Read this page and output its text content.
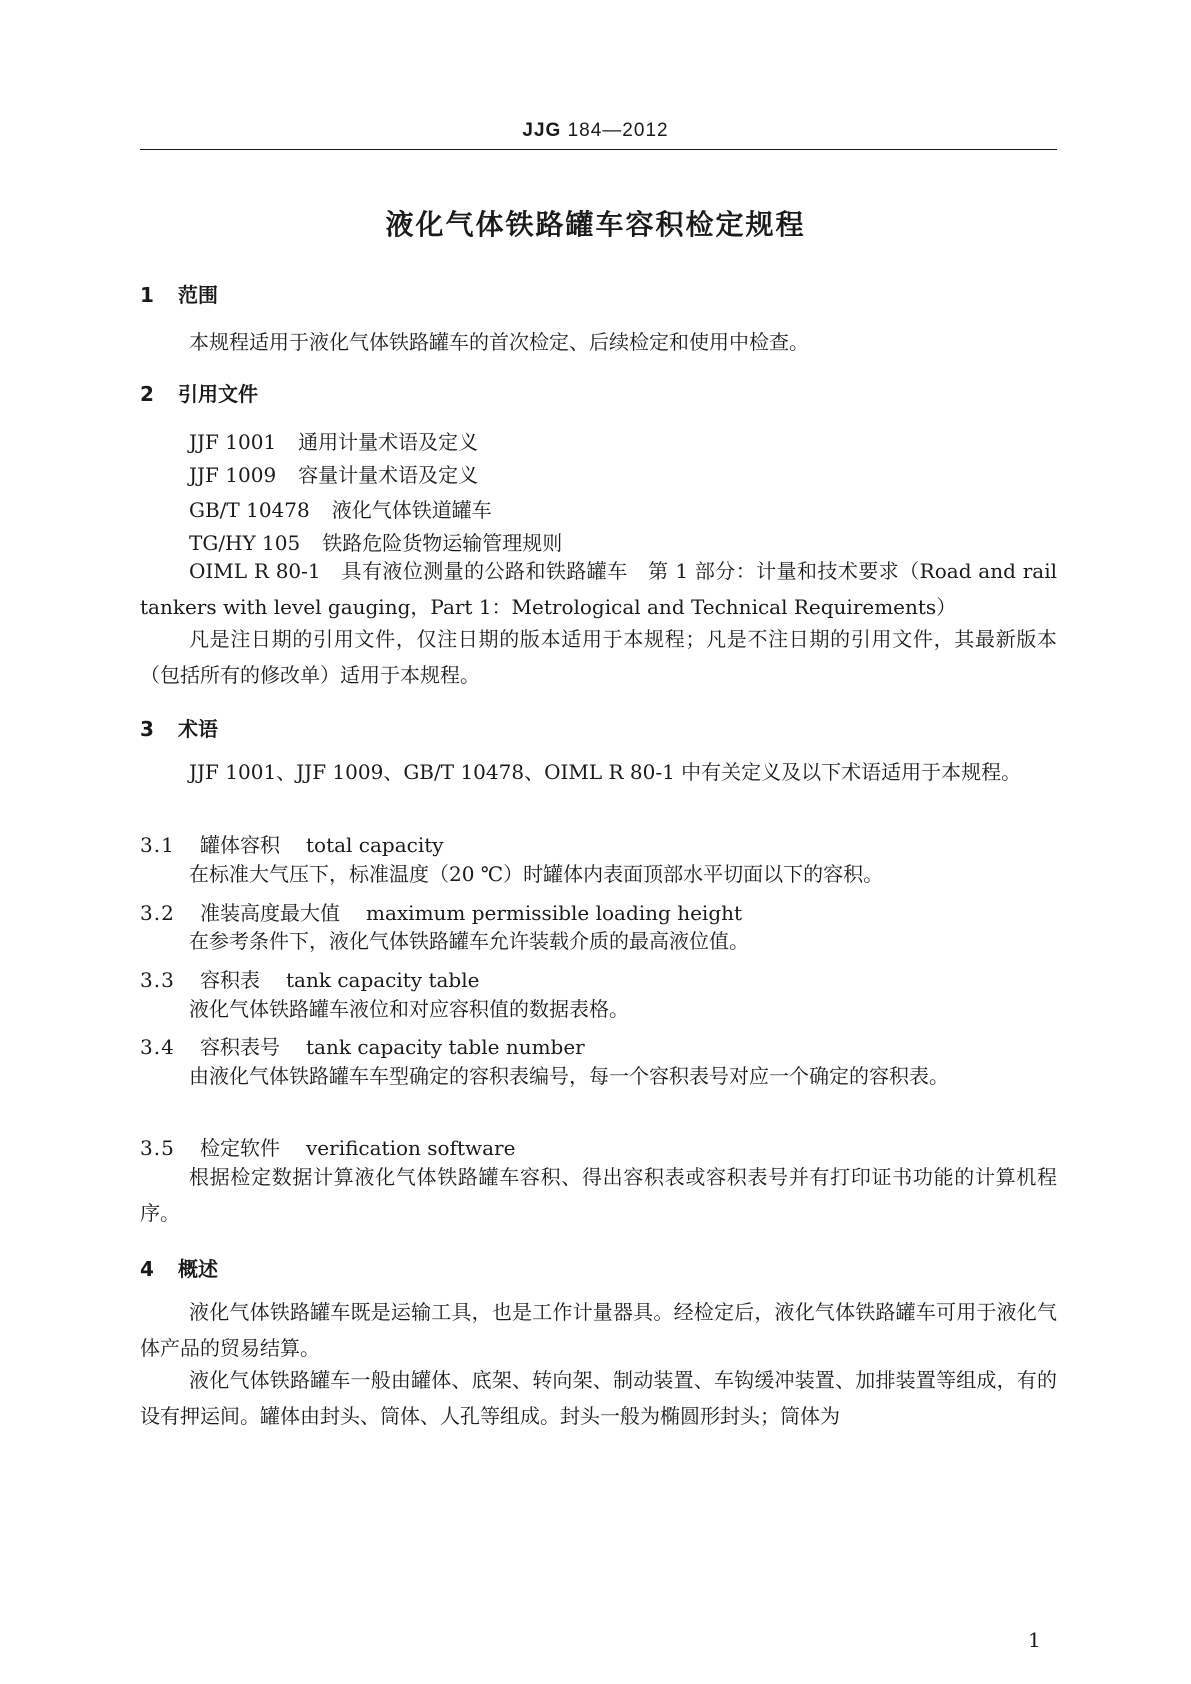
JJG 184—2012
液化气体铁路罐车容积检定规程
1 范围
本规程适用于液化气体铁路罐车的首次检定、后续检定和使用中检查。
2 引用文件
JJF 1001 通用计量术语及定义
JJF 1009 容量计量术语及定义
GB/T 10478 液化气体铁道罐车
TG/HY 105 铁路危险货物运输管理规则
OIML R 80-1　具有液位测量的公路和铁路罐车　第 1 部分：计量和技术要求（Road and rail tankers with level gauging，Part 1：Metrological and Technical Requirements）
凡是注日期的引用文件，仅注日期的版本适用于本规程；凡是不注日期的引用文件，其最新版本（包括所有的修改单）适用于本规程。
3 术语
JJF 1001、JJF 1009、GB/T 10478、OIML R 80-1 中有关定义及以下术语适用于本规程。
3.1 罐体容积 total capacity
在标准大气压下，标准温度（20 ℃）时罐体内表面顶部水平切面以下的容积。
3.2 准装高度最大值 maximum permissible loading height
在参考条件下，液化气体铁路罐车允许装载介质的最高液位值。
3.3 容积表 tank capacity table
液化气体铁路罐车液位和对应容积值的数据表格。
3.4 容积表号 tank capacity table number
由液化气体铁路罐车车型确定的容积表编号，每一个容积表号对应一个确定的容积表。
3.5 检定软件 verification software
根据检定数据计算液化气体铁路罐车容积、得出容积表或容积表号并有打印证书功能的计算机程序。
4 概述
液化气体铁路罐车既是运输工具，也是工作计量器具。经检定后，液化气体铁路罐车可用于液化气体产品的贸易结算。
液化气体铁路罐车一般由罐体、底架、转向架、制动装置、车钩缓冲装置、加排装置等组成，有的设有押运间。罐体由封头、筒体、人孔等组成。封头一般为椭圆形封头；筒体为
1
